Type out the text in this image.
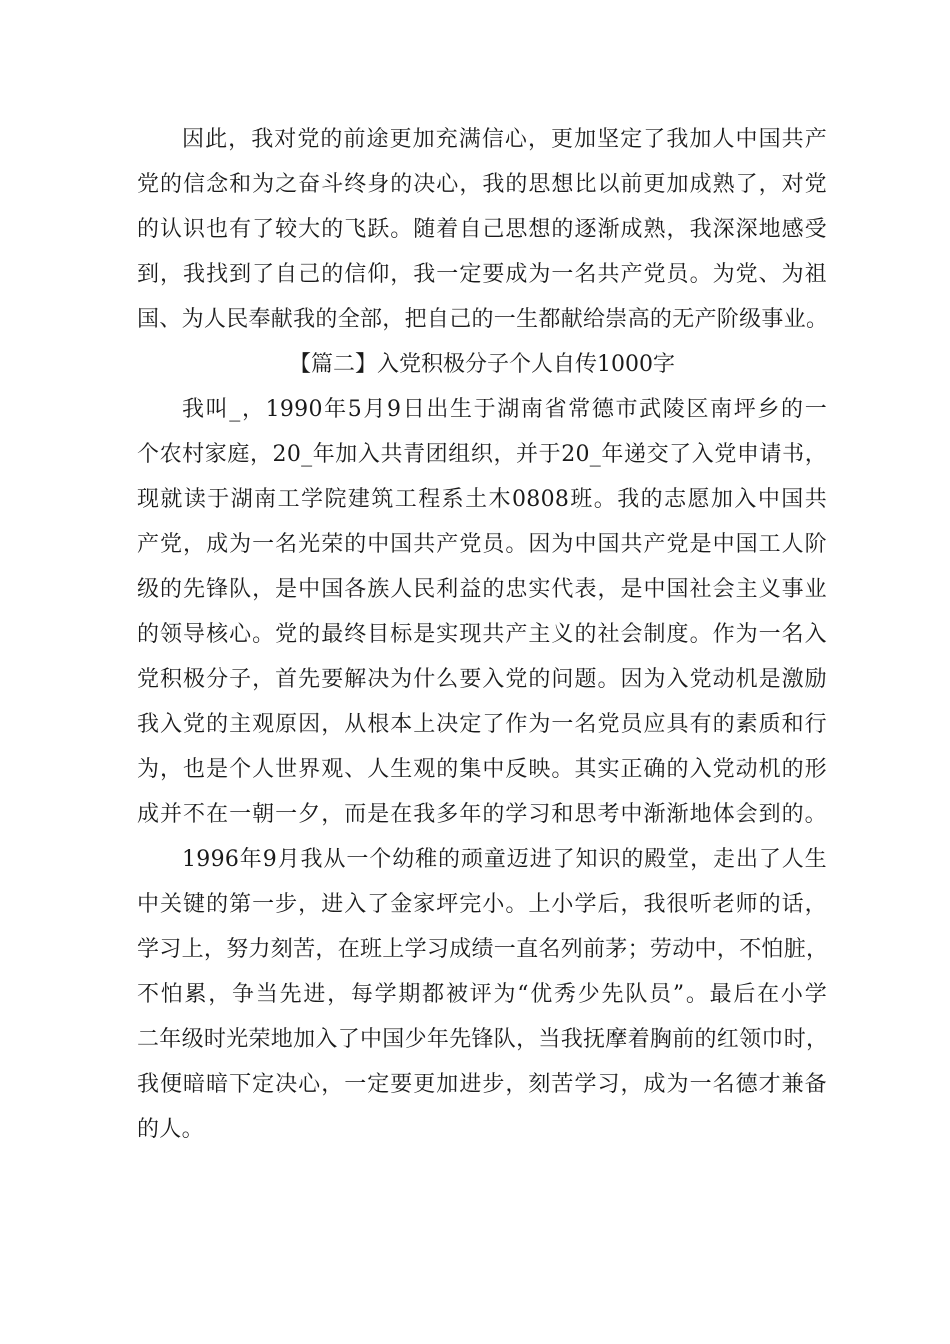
因此，我对党的前途更加充满信心，更加坚定了我加人中国共产
党的信念和为之奋斗终身的决心，我的思想比以前更加成熟了，对党
的认识也有了较大的飞跃。随着自己思想的逐渐成熟，我深深地感受
到，我找到了自己的信仰，我一定要成为一名共产党员。为党、为祖
国、为人民奉献我的全部，把自己的一生都献给崇高的无产阶级事业。
【篇二】入党积极分子个人自传1000字
我叫_，1990年5月9日出生于湖南省常德市武陵区南坪乡的一
个农村家庭，20_年加入共青团组织，并于20_年递交了入党申请书，
现就读于湖南工学院建筑工程系土木0808班。我的志愿加入中国共
产党，成为一名光荣的中国共产党员。因为中国共产党是中国工人阶
级的先锋队，是中国各族人民利益的忠实代表，是中国社会主义事业
的领导核心。党的最终目标是实现共产主义的社会制度。作为一名入
党积极分子，首先要解决为什么要入党的问题。因为入党动机是激励
我入党的主观原因，从根本上决定了作为一名党员应具有的素质和行
为，也是个人世界观、人生观的集中反映。其实正确的入党动机的形
成并不在一朝一夕，而是在我多年的学习和思考中渐渐地体会到的。
1996年9月我从一个幼稚的顽童迈进了知识的殿堂，走出了人生
中关键的第一步，进入了金家坪完小。上小学后，我很听老师的话，
学习上，努力刻苦，在班上学习成绩一直名列前茅；劳动中，不怕脏，
不怕累，争当先进，每学期都被评为“优秀少先队员”。最后在小学
二年级时光荣地加入了中国少年先锋队，当我抚摩着胸前的红领巾时，
我便暗暗下定决心，一定要更加进步，刻苦学习，成为一名德才兼备
的人。
